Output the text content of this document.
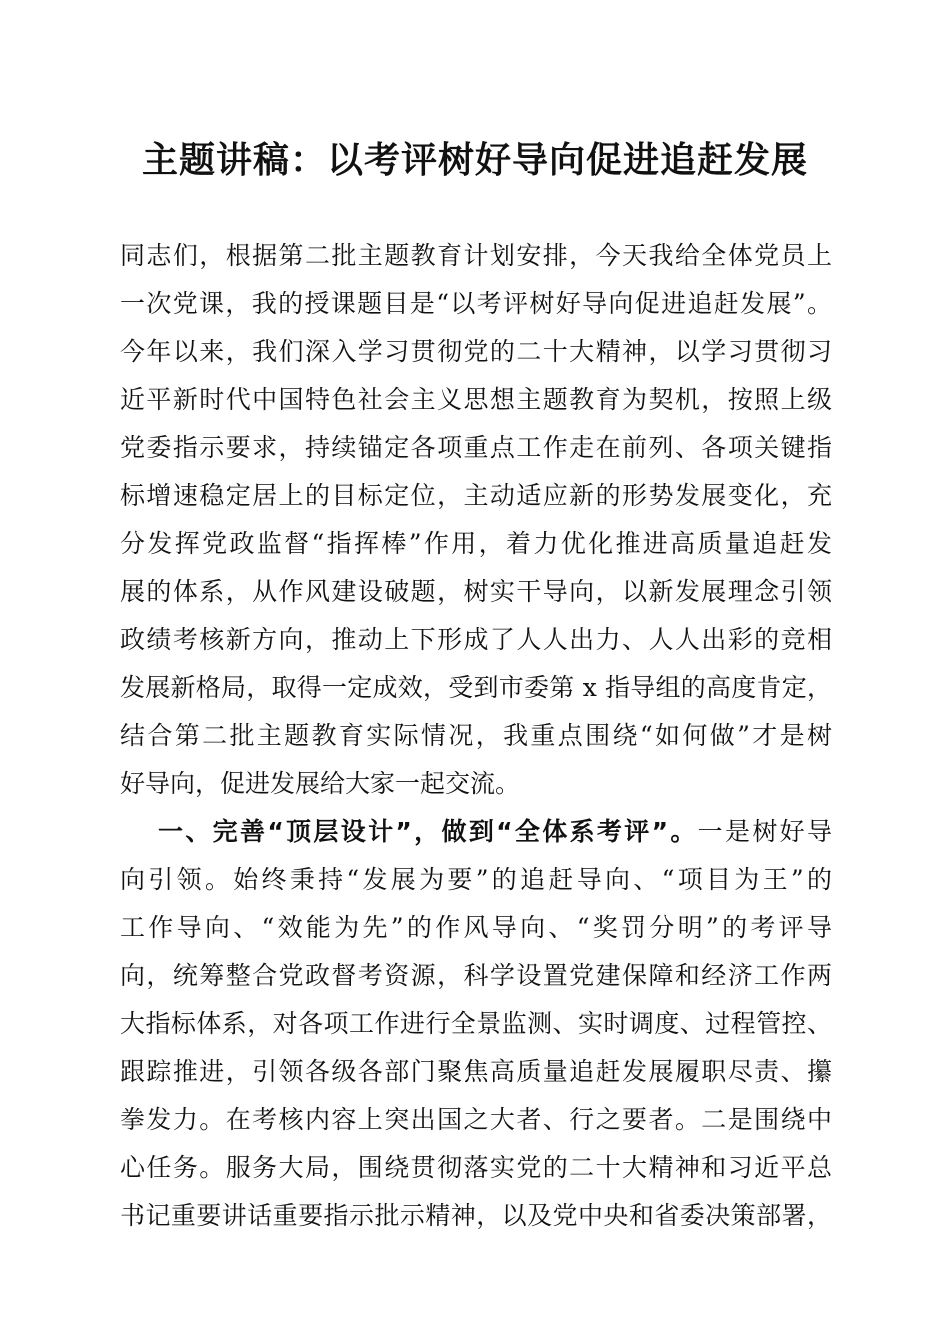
主题讲稿：以考评树好导向促进追赶发展
同志们，根据第二批主题教育计划安排，今天我给全体党员上
一次党课，我的授课题目是“以考评树好导向促进追赶发展”。
今年以来，我们深入学习贯彻党的二十大精神，以学习贯彻习
近平新时代中国特色社会主义思想主题教育为契机，按照上级
党委指示要求，持续锚定各项重点工作走在前列、各项关键指
标增速稳定居上的目标定位，主动适应新的形势发展变化，充
分发挥党政监督“指挥棒”作用，着力优化推进高质量追赶发
展的体系，从作风建设破题，树实干导向，以新发展理念引领
政绩考核新方向，推动上下形成了人人出力、人人出彩的竞相
发展新格局，取得一定成效，受到市委第 x 指导组的高度肯定，
结合第二批主题教育实际情况，我重点围绕“如何做”才是树
好导向，促进发展给大家一起交流。
一、完善“顶层设计”，做到“全体系考评”。一是树好导
向引领。始终秉持“发展为要”的追赶导向、“项目为王”的
工作导向、“效能为先”的作风导向、“奖罚分明”的考评导
向，统筹整合党政督考资源，科学设置党建保障和经济工作两
大指标体系，对各项工作进行全景监测、实时调度、过程管控、
跟踪推进，引领各级各部门聚焦高质量追赶发展履职尽责、攥
拳发力。在考核内容上突出国之大者、行之要者。二是围绕中
心任务。服务大局，围绕贯彻落实党的二十大精神和习近平总
书记重要讲话重要指示批示精神，以及党中央和省委决策部署，
